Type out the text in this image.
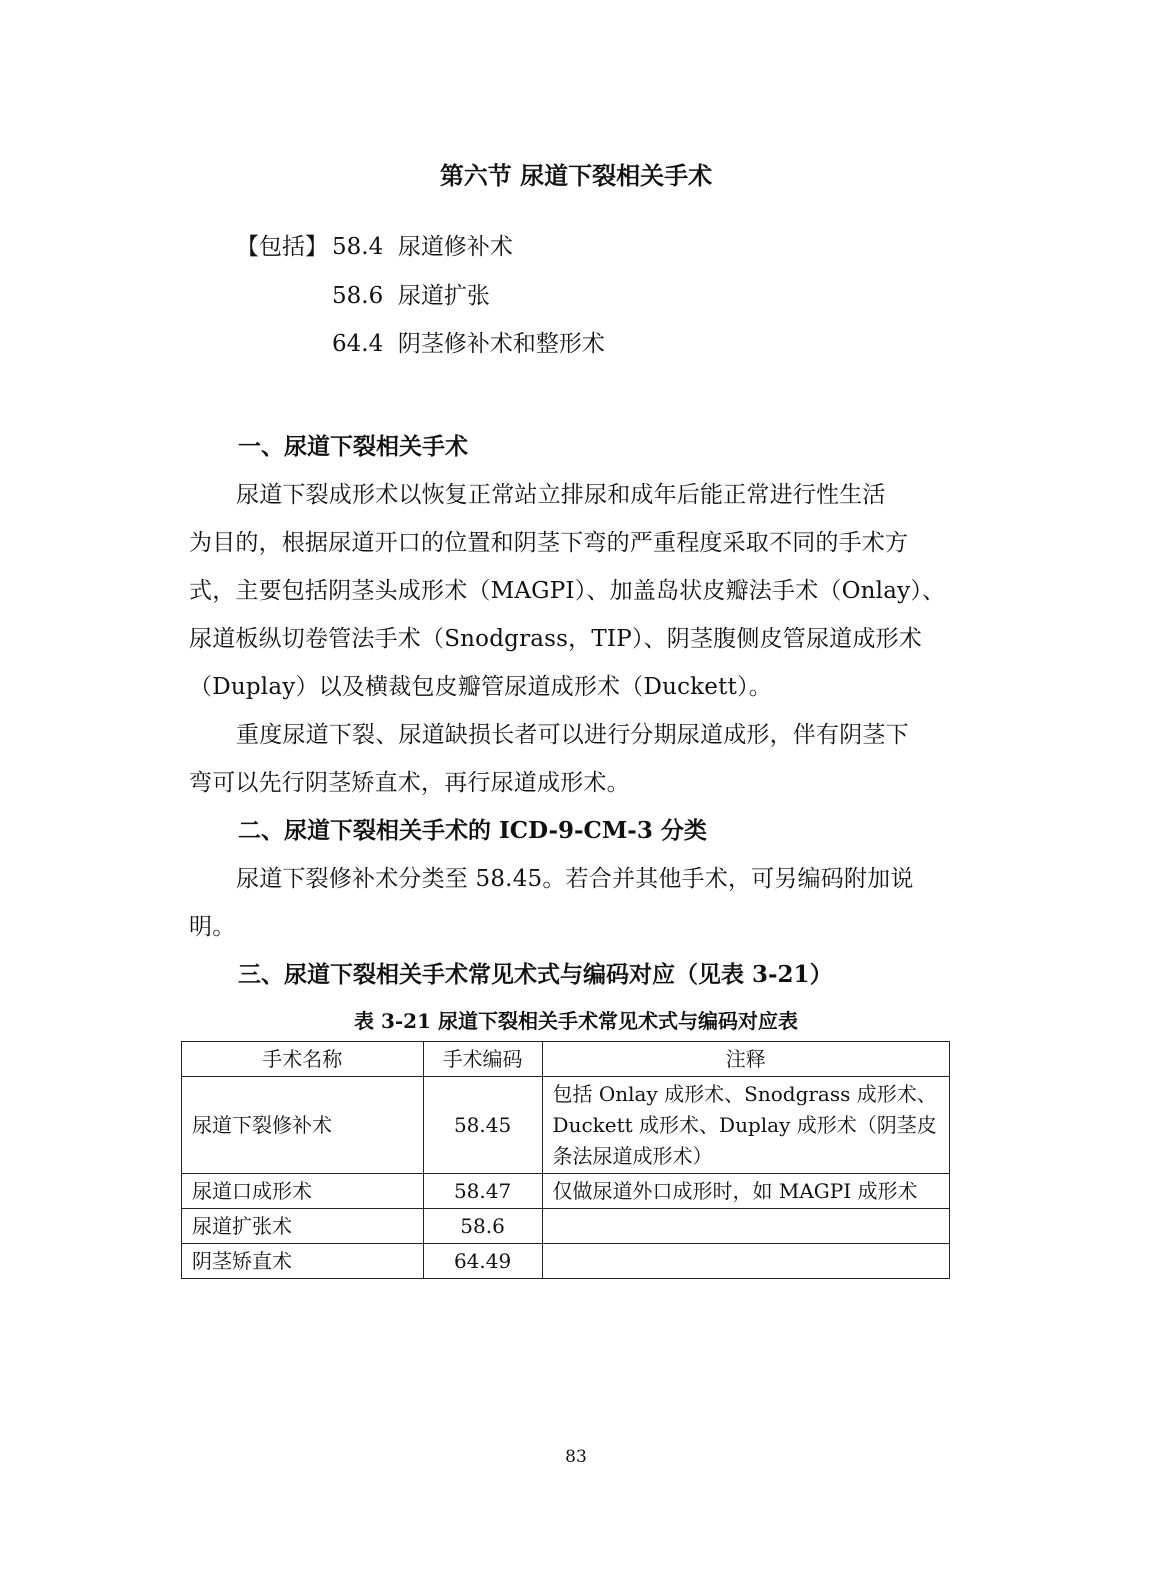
第六节 尿道下裂相关手术
【包括】 58.4 尿道修补术
58.6 尿道扩张
64.4 阴茎修补术和整形术
一、尿道下裂相关手术
尿道下裂成形术以恢复正常站立排尿和成年后能正常进行性生活
为目的，根据尿道开口的位置和阴茎下弯的严重程度采取不同的手术方
式，主要包括阴茎头成形术（MAGPI）、加盖岛状皮瓣法手术（Onlay）、
尿道板纵切卷管法手术（Snodgrass，TIP）、阴茎腹侧皮管尿道成形术
（Duplay）以及横裁包皮瓣管尿道成形术（Duckett）。
重度尿道下裂、尿道缺损长者可以进行分期尿道成形，伴有阴茎下
弯可以先行阴茎矫直术，再行尿道成形术。
二、尿道下裂相关手术的 ICD-9-CM-3 分类
尿道下裂修补术分类至 58.45。若合并其他手术，可另编码附加说
明。
三、尿道下裂相关手术常见术式与编码对应（见表 3-21）
表 3-21 尿道下裂相关手术常见术式与编码对应表
手术名称	手术编码	注释
尿道下裂修补术	58.45	包括 Onlay 成形术、Snodgrass 成形术、
Duckett 成形术、Duplay 成形术（阴茎皮
条法尿道成形术）

尿道口成形术	58.47	仅做尿道外口成形时，如 MAGPI 成形术
尿道扩张术	58.6	
阴茎矫直术	64.49	
83
